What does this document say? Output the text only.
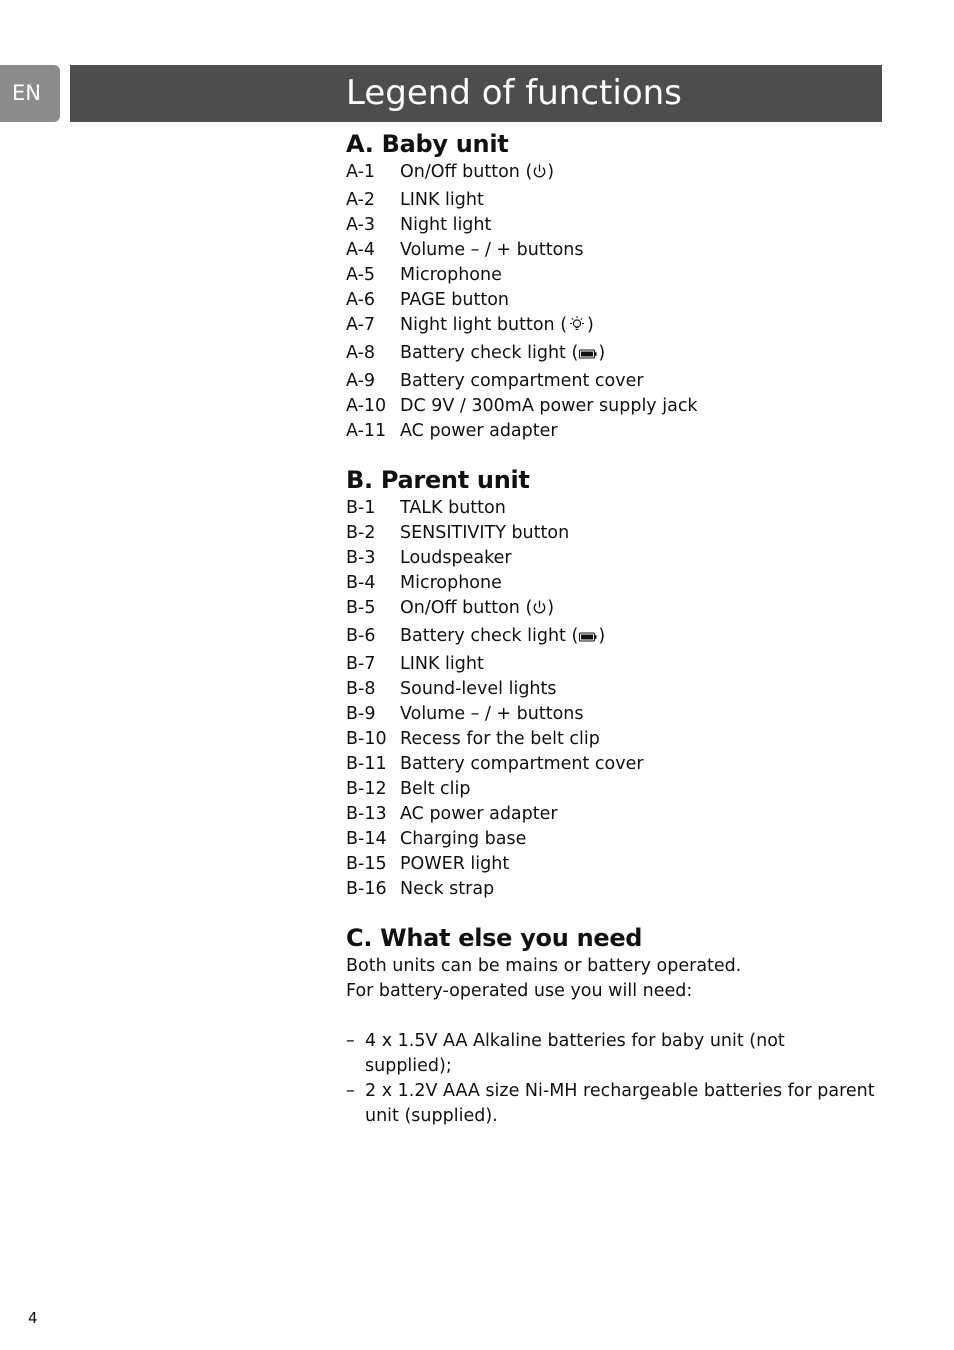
EN	Legend of functions
A. Baby unit
A-1 On/Off button ( )
A-2 LINK light
A-3 Night light
A-4 Volume – / + buttons
A-5 Microphone
A-6 PAGE button
A-7 Night light button ( )
A-8 Battery check light ( )
A-9 Battery compartment cover
A-10 DC 9V / 300mA power supply jack
A-11 AC power adapter
B. Parent unit
B-1 TALK button
B-2 SENSITIVITY button
B-3 Loudspeaker
B-4 Microphone
B-5 On/Off button ( )
B-6 Battery check light ( )
B-7 LINK light
B-8 Sound-level lights
B-9 Volume – / + buttons
B-10 Recess for the belt clip
B-11 Battery compartment cover
B-12 Belt clip
B-13 AC power adapter
B-14 Charging base
B-15 POWER light
B-16 Neck strap
C. What else you need

Both units can be mains or battery operated.

For battery-operated use you will need:

– 4 x 1.5V AA Alkaline batteries for baby unit (not supplied);
– 2 x 1.2V AAA size Ni-MH rechargeable batteries for parent unit (supplied).
4
